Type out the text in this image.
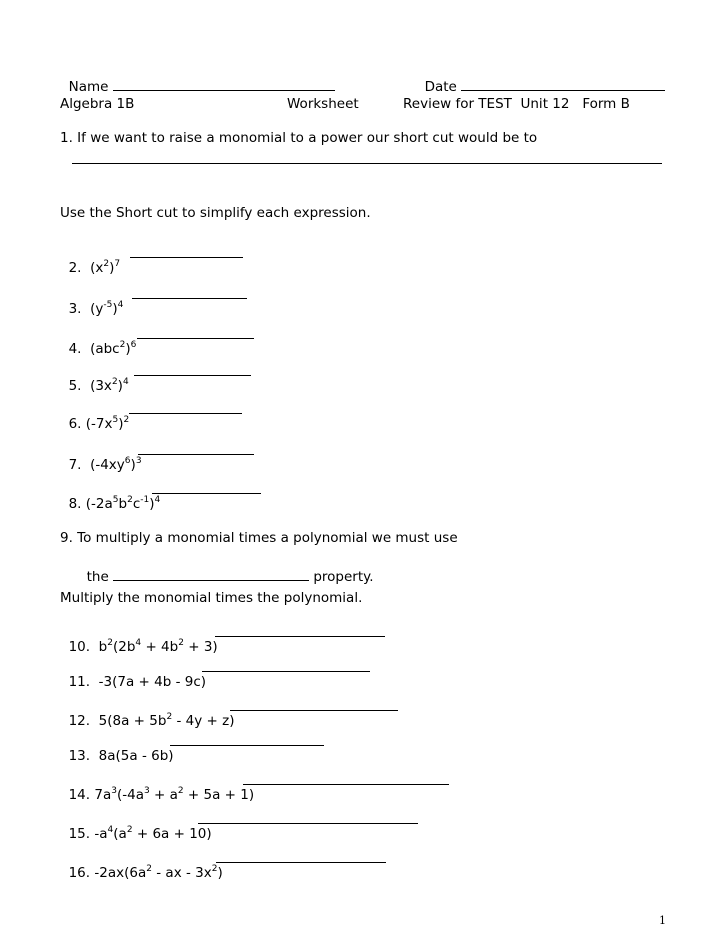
Name	Date

Algebra 1B	Worksheet	Review for TEST Unit 12 Form B
1. If we want to raise a monomial to a power our short cut would be to
Use the Short cut to simplify each expression.

2. $(x^2)^7$

3. $(y^{-5})^4$

4. $(abc^2)^6$

5. $(3x^2)^4$

6. $(-7x^5)^2$

7. $(-4xy^6)^3$

8. $(-2a^5b^2c^{-1})^4$

9. To multiply a monomial times a polynomial we must use

the	property.

Multiply the monomial times the polynomial.

10. $b^2(2b^4 + 4b^2 + 3)$

11. -3(7a + 4b - 9c)

12. $5(8a + 5b^2 - 4y + z)$

13. 8a(5a - 6b)

14. $7a^3(-4a^3 + a^2 + 5a + 1)$

15. $-a^4(a^2 + 6a + 10)$

16. $-2ax(6a^2$ - ax - $3x^2$)

1
